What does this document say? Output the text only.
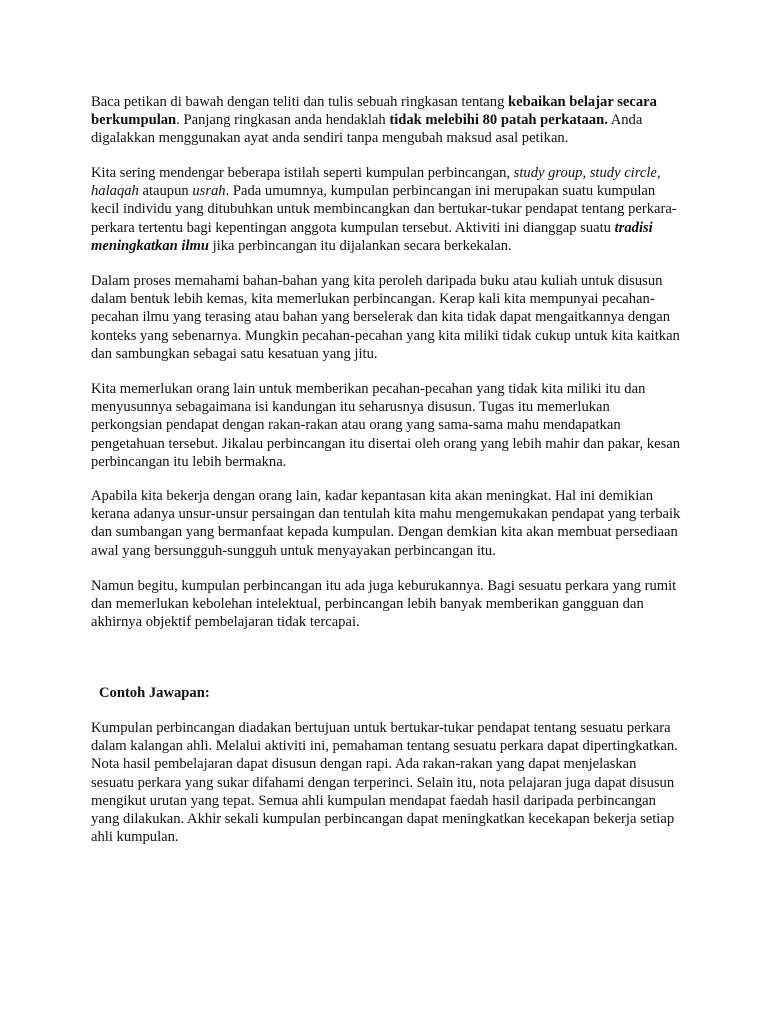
Baca petikan di bawah dengan teliti dan tulis sebuah ringkasan tentang kebaikan belajar secara berkumpulan. Panjang ringkasan anda hendaklah tidak melebihi 80 patah perkataan. Anda digalakkan menggunakan ayat anda sendiri tanpa mengubah maksud asal petikan.

Kita sering mendengar beberapa istilah seperti kumpulan perbincangan, study group, study circle, halaqah ataupun usrah. Pada umumnya, kumpulan perbincangan ini merupakan suatu kumpulan kecil individu yang ditubuhkan untuk membincangkan dan bertukar-tukar pendapat tentang perkara-perkara tertentu bagi kepentingan anggota kumpulan tersebut. Aktiviti ini dianggap suatu tradisi meningkatkan ilmu jika perbincangan itu dijalankan secara berkekalan.

Dalam proses memahami bahan-bahan yang kita peroleh daripada buku atau kuliah untuk disusun dalam bentuk lebih kemas, kita memerlukan perbincangan. Kerap kali kita mempunyai pecahan-pecahan ilmu yang terasing atau bahan yang berselerak dan kita tidak dapat mengaitkannya dengan konteks yang sebenarnya. Mungkin pecahan-pecahan yang kita miliki tidak cukup untuk kita kaitkan dan sambungkan sebagai satu kesatuan yang jitu.

Kita memerlukan orang lain untuk memberikan pecahan-pecahan yang tidak kita miliki itu dan menyusunnya sebagaimana isi kandungan itu seharusnya disusun. Tugas itu memerlukan perkongsian pendapat dengan rakan-rakan atau orang yang sama-sama mahu mendapatkan pengetahuan tersebut. Jikalau perbincangan itu disertai oleh orang yang lebih mahir dan pakar, kesan perbincangan itu lebih bermakna.

Apabila kita bekerja dengan orang lain, kadar kepantasan kita akan meningkat. Hal ini demikian kerana adanya unsur-unsur persaingan dan tentulah kita mahu mengemukakan pendapat yang terbaik dan sumbangan yang bermanfaat kepada kumpulan. Dengan demkian kita akan membuat persediaan awal yang bersungguh-sungguh untuk menyayakan perbincangan itu.

Namun begitu, kumpulan perbincangan itu ada juga keburukannya. Bagi sesuatu perkara yang rumit dan memerlukan kebolehan intelektual, perbincangan lebih banyak memberikan gangguan dan akhirnya objektif pembelajaran tidak tercapai.

Contoh Jawapan:

Kumpulan perbincangan diadakan bertujuan untuk bertukar-tukar pendapat tentang sesuatu perkara dalam kalangan ahli. Melalui aktiviti ini, pemahaman tentang sesuatu perkara dapat dipertingkatkan. Nota hasil pembelajaran dapat disusun dengan rapi. Ada rakan-rakan yang dapat menjelaskan sesuatu perkara yang sukar difahami dengan terperinci. Selain itu, nota pelajaran juga dapat disusun mengikut urutan yang tepat. Semua ahli kumpulan mendapat faedah hasil daripada perbincangan yang dilakukan. Akhir sekali kumpulan perbincangan dapat meningkatkan kecekapan bekerja setiap ahli kumpulan.
